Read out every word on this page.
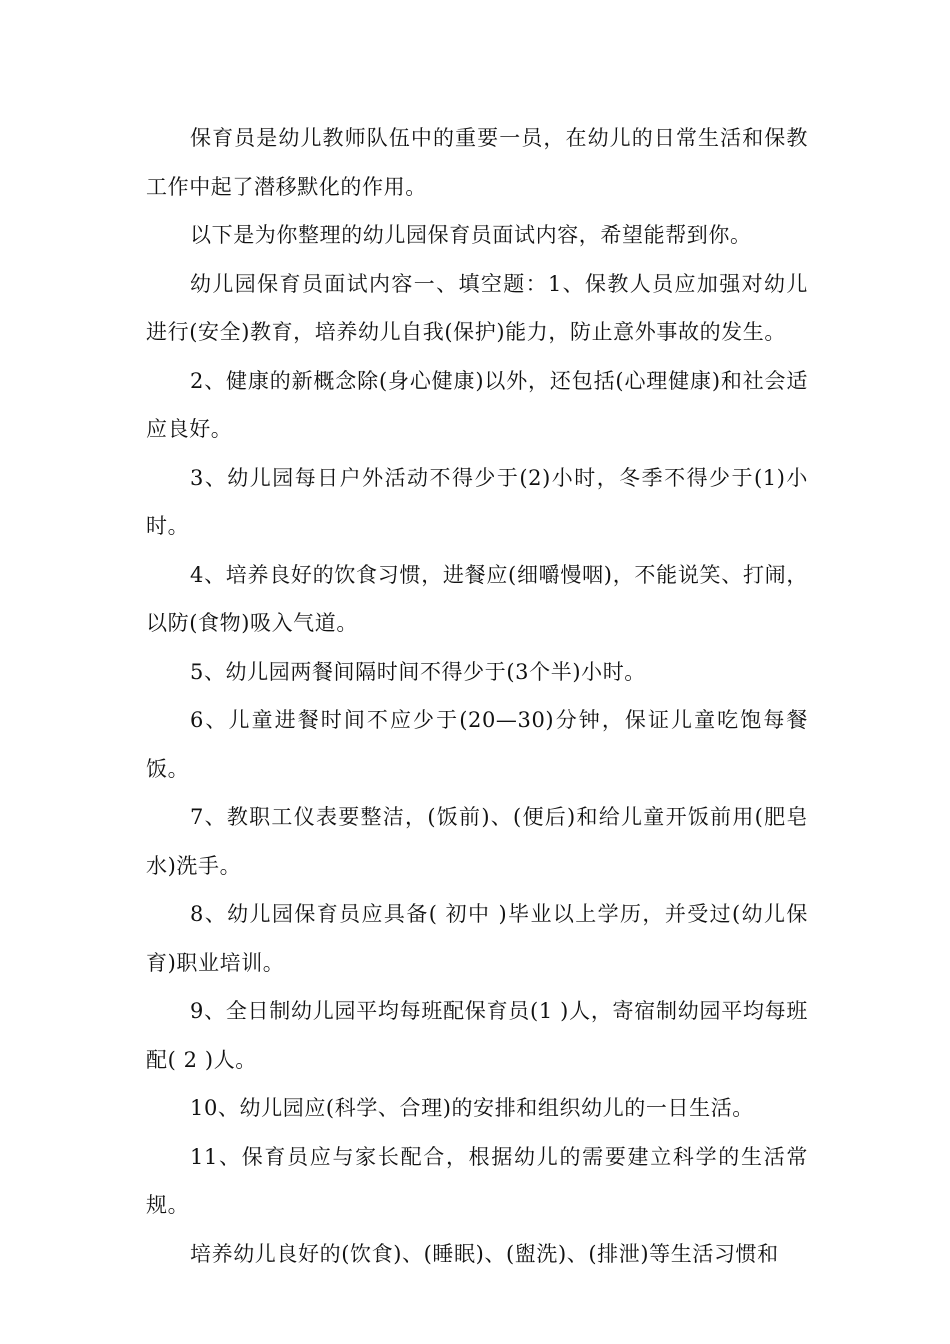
保育员是幼儿教师队伍中的重要一员，在幼儿的日常生活和保教工作中起了潜移默化的作用。

以下是为你整理的幼儿园保育员面试内容，希望能帮到你。

幼儿园保育员面试内容一、填空题：1、保教人员应加强对幼儿进行(安全)教育，培养幼儿自我(保护)能力，防止意外事故的发生。

2、健康的新概念除(身心健康)以外，还包括(心理健康)和社会适应良好。

3、幼儿园每日户外活动不得少于(2)小时，冬季不得少于(1)小时。

4、培养良好的饮食习惯，进餐应(细嚼慢咽)，不能说笑、打闹，以防(食物)吸入气道。

5、幼儿园两餐间隔时间不得少于(3个半)小时。

6、儿童进餐时间不应少于(20—30)分钟，保证儿童吃饱每餐饭。

7、教职工仪表要整洁，(饭前)、(便后)和给儿童开饭前用(肥皂水)洗手。

8、幼儿园保育员应具备( 初中 )毕业以上学历，并受过(幼儿保育)职业培训。

9、全日制幼儿园平均每班配保育员(1 )人，寄宿制幼园平均每班配( 2 )人。

10、幼儿园应(科学、合理)的安排和组织幼儿的一日生活。

11、保育员应与家长配合，根据幼儿的需要建立科学的生活常规。

培养幼儿良好的(饮食)、(睡眠)、(盥洗)、(排泄)等生活习惯和
